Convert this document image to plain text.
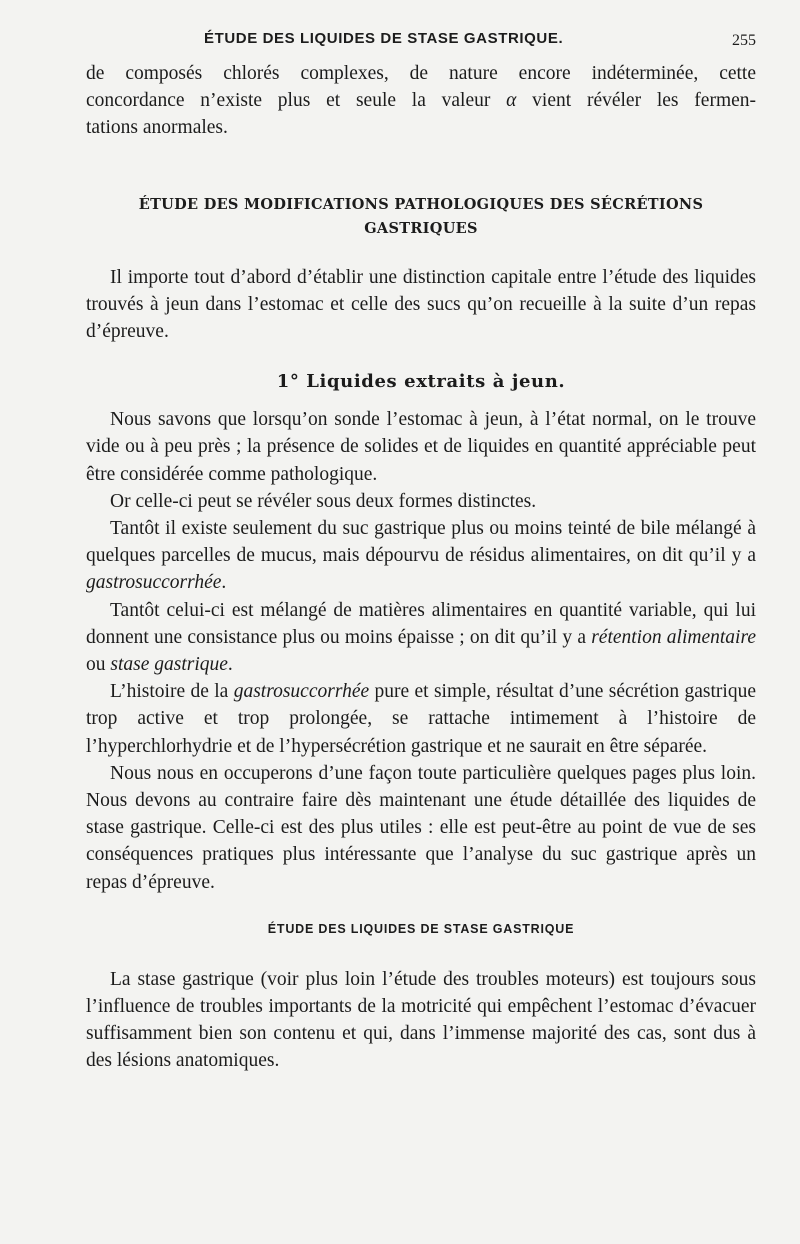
ÉTUDE DES LIQUIDES DE STASE GASTRIQUE.	255
de composés chlorés complexes, de nature encore indéterminée, cette
concordance n’existe plus et seule la valeur α vient révéler les fermen-
tations anormales.
ÉTUDE DES MODIFICATIONS PATHOLOGIQUES DES SÉCRÉTIONS
GASTRIQUES

Il importe tout d’abord d’établir une distinction capitale entre l’étude des liquides trouvés à jeun dans l’estomac et celle des sucs qu’on recueille à la suite d’un repas d’épreuve.

1° Liquides extraits à jeun.

Nous savons que lorsqu’on sonde l’estomac à jeun, à l’état normal, on le trouve vide ou à peu près ; la présence de solides et de liquides en quantité appréciable peut être considérée comme pathologique.

Or celle-ci peut se révéler sous deux formes distinctes.

Tantôt il existe seulement du suc gastrique plus ou moins teinté de bile mélangé à quelques parcelles de mucus, mais dépourvu de résidus alimentaires, on dit qu’il y a gastrosuccorrhée.

Tantôt celui-ci est mélangé de matières alimentaires en quantité variable, qui lui donnent une consistance plus ou moins épaisse ; on dit qu’il y a rétention alimentaire ou stase gastrique.

L’histoire de la gastrosuccorrhée pure et simple, résultat d’une sécrétion gastrique trop active et trop prolongée, se rattache intimement à l’histoire de l’hyperchlorhydrie et de l’hypersécrétion gastrique et ne saurait en être séparée.

Nous nous en occuperons d’une façon toute particulière quelques pages plus loin. Nous devons au contraire faire dès maintenant une étude détaillée des liquides de stase gastrique. Celle-ci est des plus utiles : elle est peut-être au point de vue de ses conséquences pratiques plus intéressante que l’analyse du suc gastrique après un repas d’épreuve.

ÉTUDE DES LIQUIDES DE STASE GASTRIQUE

La stase gastrique (voir plus loin l’étude des troubles moteurs) est toujours sous l’influence de troubles importants de la motricité qui empêchent l’estomac d’évacuer suffisamment bien son contenu et qui, dans l’immense majorité des cas, sont dus à des lésions anatomiques.
